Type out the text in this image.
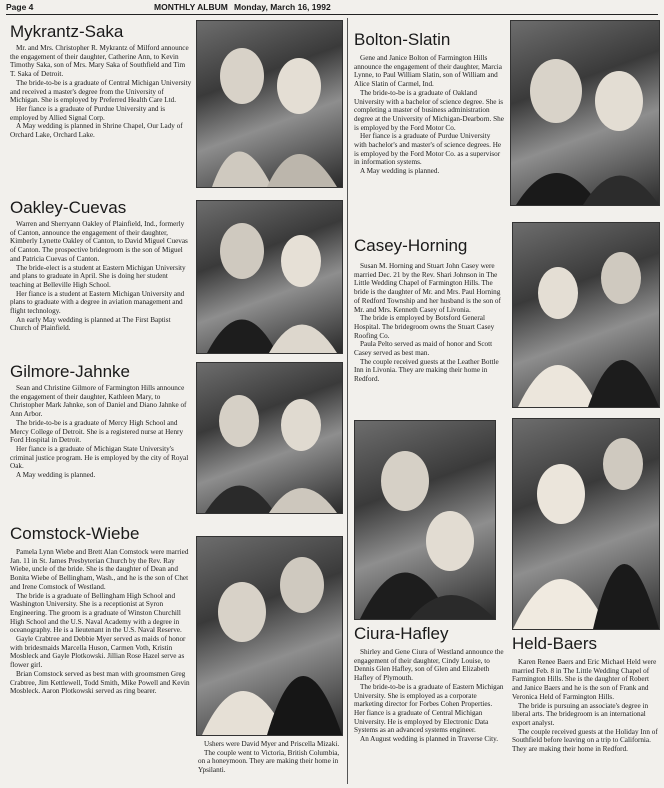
Page 4	MONTHLY ALBUM Monday, March 16, 1992
Mykrantz-Saka

Mr. and Mrs. Christopher R. Mykrantz of Milford announce the engagement of their daughter, Catherine Ann, to Kevin Timothy Saka, son of Mrs. Mary Saka of Southfield and Tim T. Saka of Detroit.

The bride-to-be is a graduate of Central Michigan University and received a master's degree from the University of Michigan. She is employed by Preferred Health Care Ltd.

Her fiance is a graduate of Purdue University and is employed by Allied Signal Corp.

A May wedding is planned in Shrine Chapel, Our Lady of Orchard Lake, Orchard Lake.

Oakley-Cuevas

Warren and Sherryann Oakley of Plainfield, Ind., formerly of Canton, announce the engagement of their daughter, Kimberly Lynette Oakley of Canton, to David Miguel Cuevas of Canton. The prospective bridegroom is the son of Miguel and Patricia Cuevas of Canton.

The bride-elect is a student at Eastern Michigan University and plans to graduate in April. She is doing her student teaching at Belleville High School.

Her fiance is a student at Eastern Michigan University and plans to graduate with a degree in aviation management and flight technology.

An early May wedding is planned at The First Baptist Church of Plainfield.

Gilmore-Jahnke

Sean and Christine Gilmore of Farmington Hills announce the engagement of their daughter, Kathleen Mary, to Christopher Mark Jahnke, son of Daniel and Diano Jahnke of Ann Arbor.

The bride-to-be is a graduate of Mercy High School and Mercy College of Detroit. She is a registered nurse at Henry Ford Hospital in Detroit.

Her fiance is a graduate of Michigan State University's criminal justice program. He is employed by the city of Royal Oak.

A May wedding is planned.

Comstock-Wiebe

Pamela Lynn Wiebe and Brett Alan Comstock were married Jan. 11 in St. James Presbyterian Church by the Rev. Ray Wiebe, uncle of the bride. She is the daughter of Dean and Bonita Wiebe of Bellingham, Wash., and he is the son of Chet and Irene Comstock of Westland.

The bride is a graduate of Bellingham High School and Washington University. She is a receptionist at Syron Engineering. The groom is a graduate of Winston Churchill High School and the U.S. Naval Academy with a degree in oceanography. He is a lieutenant in the U.S. Naval Reserve.

Gayle Crabtree and Debbie Myer served as maids of honor with bridesmaids Marcella Huson, Carmen Voth, Kristin Mosbleck and Gayle Plotkowski. Jillian Rose Hazel serve as flower girl.

Brian Comstock served as best man with groomsmen Greg Crabtree, Jim Kettlewell, Todd Smith, Mike Powell and Kevin Mosbleck. Aaron Plotkowski served as ring bearer.

Ushers were David Myer and Priscella Mizaki.

The couple went to Victoria, British Columbia, on a honeymoon. They are making their home in Ypsilanti.

Bolton-Slatin

Gene and Janice Bolton of Farmington Hills announce the engagement of their daughter, Marcia Lynne, to Paul William Slatin, son of William and Alice Slatin of Carmel, Ind.

The bride-to-be is a graduate of Oakland University with a bachelor of science degree. She is completing a master of business administration degree at the University of Michigan-Dearborn. She is employed by the Ford Motor Co.

Her fiance is a graduate of Purdue University with bachelor's and master's of science degrees. He is employed by the Ford Motor Co. as a supervisor in information systems.

A May wedding is planned.

Casey-Horning

Susan M. Horning and Stuart John Casey were married Dec. 21 by the Rev. Shari Johnson in The Little Wedding Chapel of Farmington Hills. The bride is the daughter of Mr. and Mrs. Paul Horning of Redford Township and her husband is the son of Mr. and Mrs. Kenneth Casey of Livonia.

The bride is employed by Botsford General Hospital. The bridegroom owns the Stuart Casey Roofing Co.

Paula Pelto served as maid of honor and Scott Casey served as best man.

The couple received guests at the Leather Bottle Inn in Livonia. They are making their home in Redford.

Ciura-Hafley

Shirley and Gene Ciura of Westland announce the engagement of their daughter, Cindy Louise, to Dennis Glen Hafley, son of Glen and Elizabeth Hafley of Plymouth.

The bride-to-be is a graduate of Eastern Michigan University. She is employed as a corporate marketing director for Forbes Cohen Properties. Her fiance is a graduate of Central Michigan University. He is employed by Electronic Data Systems as an advanced systems engineer.

An August wedding is planned in Traverse City.

Held-Baers

Karen Renee Baers and Eric Michael Held were married Feb. 8 in The Little Wedding Chapel of Farmington Hills. She is the daughter of Robert and Janice Baers and he is the son of Frank and Veronica Held of Farmington Hills.

The bride is pursuing an associate's degree in liberal arts. The bridegroom is an international export analyst.

The couple received guests at the Holiday Inn of Southfield before leaving on a trip to California. They are making their home in Redford.
